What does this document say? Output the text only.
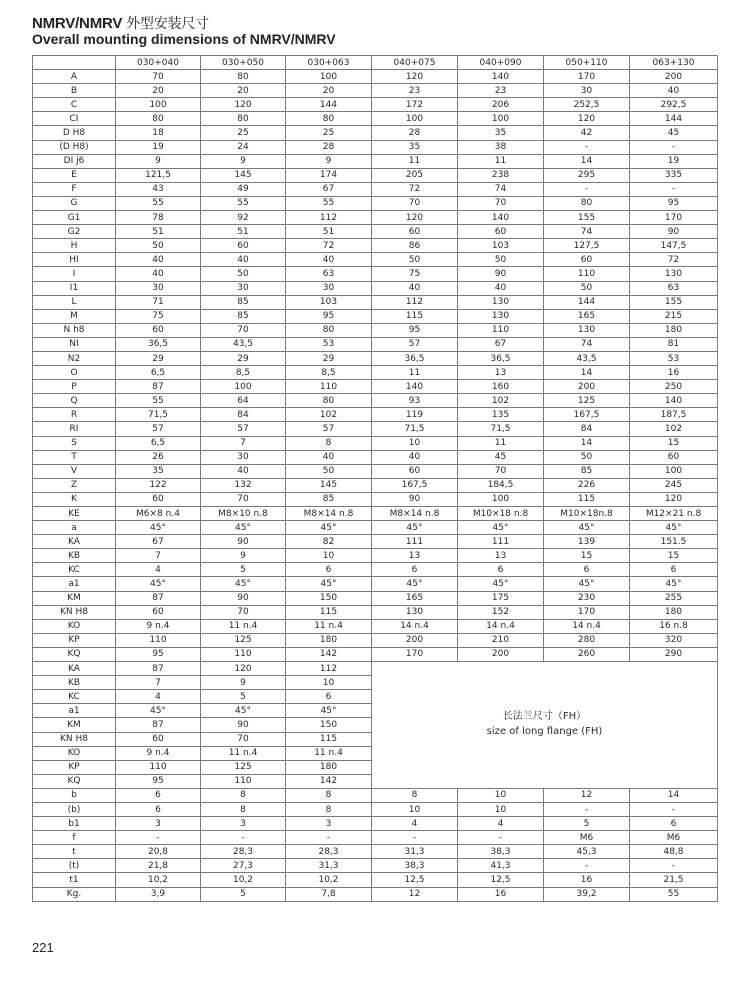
NMRV/NMRV 外型安装尺寸
Overall mounting dimensions of NMRV/NMRV
	030+040	030+050	030+063	040+075	040+090	050+110	063+130
A	70	80	100	120	140	170	200
B	20	20	20	23	23	30	40
C	100	120	144	172	206	252,5	292,5
CI	80	80	80	100	100	120	144
D H8	18	25	25	28	35	42	45
(D H8)	19	24	28	35	38	-	-
DI j6	9	9	9	11	11	14	19
E	121,5	145	174	205	238	295	335
F	43	49	67	72	74	-	-
G	55	55	55	70	70	80	95
G1	78	92	112	120	140	155	170
G2	51	51	51	60	60	74	90
H	50	60	72	86	103	127,5	147,5
HI	40	40	40	50	50	60	72
I	40	50	63	75	90	110	130
I1	30	30	30	40	40	50	63
L	71	85	103	112	130	144	155
M	75	85	95	115	130	165	215
N h8	60	70	80	95	110	130	180
NI	36,5	43,5	53	57	67	74	81
N2	29	29	29	36,5	36,5	43,5	53
O	6,5	8,5	8,5	11	13	14	16
P	87	100	110	140	160	200	250
Q	55	64	80	93	102	125	140
R	71,5	84	102	119	135	167,5	187,5
RI	57	57	57	71,5	71,5	84	102
S	6,5	7	8	10	11	14	15
T	26	30	40	40	45	50	60
V	35	40	50	60	70	85	100
Z	122	132	145	167,5	184,5	226	245
K	60	70	85	90	100	115	120
KE	M6×8 n.4	M8×10 n.8	M8×14 n.8	M8×14 n.8	M10×18 n.8	M10×18n.8	M12×21 n.8
a	45°	45°	45°	45°	45°	45°	45°
KA	67	90	82	111	111	139	151.5
KB	7	9	10	13	13	15	15
KC	4	5	6	6	6	6	6
a1	45°	45°	45°	45°	45°	45°	45°
KM	87	90	150	165	175	230	255
KN H8	60	70	115	130	152	170	180
KO	9 n.4	11 n.4	11 n.4	14 n.4	14 n.4	14 n.4	16 n.8
KP	110	125	180	200	210	280	320
KQ	95	110	142	170	200	260	290
KA	87	120	112	长法兰尺寸（FH）
size of long flange (FH)			

KB	7	9	10				
KC	4	5	6				
a1	45°	45°	45°				
KM	87	90	150				
KN H8	60	70	115				
KO	9 n.4	11 n.4	11 n.4				
KP	110	125	180				
KQ	95	110	142				
b	6	8	8	8	10	12	14
(b)	6	8	8	10	10	-	-
b1	3	3	3	4	4	5	6
f	-	-	-	-	-	M6	M6
t	20,8	28,3	28,3	31,3	38,3	45,3	48,8
(t)	21,8	27,3	31,3	38,3	41,3	-	-
t1	10,2	10,2	10,2	12,5	12,5	16	21,5
Kg.	3,9	5	7,8	12	16	39,2	55
221
